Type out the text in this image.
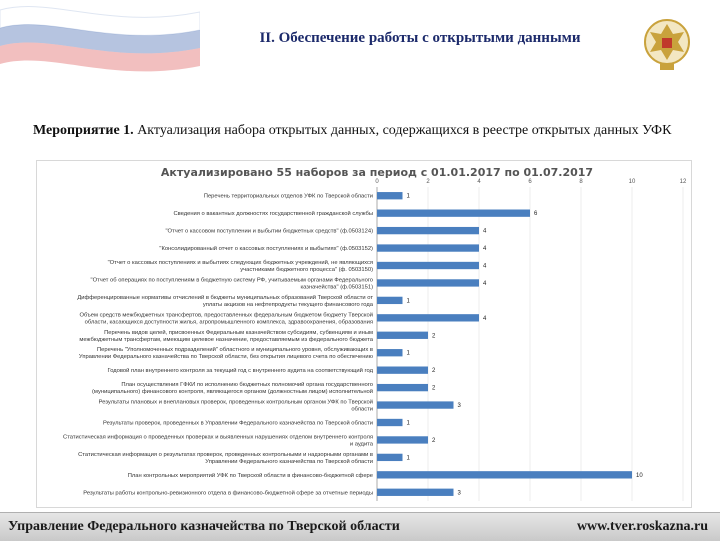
II. Обеспечение работы с открытыми данными
Мероприятие 1. Актуализация набора открытых данных, содержащихся в реестре открытых данных УФК
Актуализировано 55 наборов за период с 01.01.2017 по 01.07.2017
0	2	4	6	8	10	12
1
Перечень территориальных отделов УФК по Тверской области
6
Сведения о вакантных должностях государственной гражданской службы
4
"Отчет о кассовом поступлении и выбытии бюджетных средств" (ф.0503124)
4
"Консолидированный отчет о кассовых поступлениях и выбытиях" (ф.0503152)
4
"Отчет о кассовых поступлениях и выбытиях следующих бюджетных учреждений, не являющихся участниками бюджетного процесса" (ф. 0503150)
4
"Отчет об операциях по поступлениям в бюджетную систему РФ, учитываемым органами Федерального казначейства" (ф.0503151)
1
Дифференцированные нормативы отчислений в бюджеты муниципальных образований Тверской области от уплаты акцизов на нефтепродукты текущего финансового года
4
Объем средств межбюджетных трансфертов, предоставленных федеральным бюджетом бюджету Тверской области, касающихся доступности жилья, агропромышленного комплекса, здравоохранения, образования
2
Перечень видов целей, присвоенных Федеральным казначейством субсидиям, субвенциям и иным межбюджетным трансфертам, имеющим целевое назначение, предоставляемым из федерального бюджета
1
Перечень "Уполномоченных подразделений" областного и муниципального уровня, обслуживающих в Управлении Федерального казначейства по Тверской области, без открытия лицевого счета по обеспечению
2
Годовой план внутреннего контроля за текущий год с внутреннего аудита на соответствующий год
2
План осуществления ГФКИ по исполнению бюджетных полномочий органа государственного (муниципального) финансового контроля, являющегося органом (должностным лицом) исполнительной
3
Результаты плановых и внеплановых проверок, проведенных контрольным органом УФК по Тверской области
1
Результаты проверок, проведенных в Управлении Федерального казначейства по Тверской области
2
Статистическая информация о проведенных проверках и выявленных нарушениях отделом внутреннего контроля и аудита
1
Статистическая информация о результатах проверок, проведенных контрольными и надзорными органами в Управлении Федерального казначейства по Тверской области
10
План контрольных мероприятий УФК по Тверской области в финансово-бюджетной сфере
3
Результаты работы контрольно-ревизионного отдела в финансово-бюджетной сфере за отчетные периоды
Управление Федерального казначейства по Тверской области	www.tver.roskazna.ru
